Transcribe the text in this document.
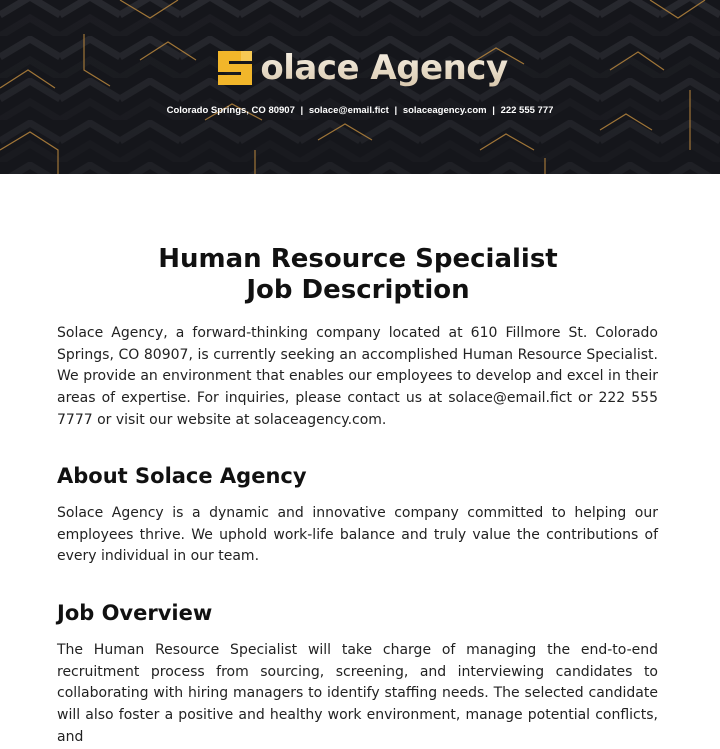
olace Agency
Colorado Springs, CO 80907 | solace@email.fict | solaceagency.com | 222 555 777
Human Resource Specialist
Job Description

Solace Agency, a forward-thinking company located at 610 Fillmore St. Colorado Springs, CO 80907, is currently seeking an accomplished Human Resource Specialist. We provide an environment that enables our employees to develop and excel in their areas of expertise. For inquiries, please contact us at solace@email.fict or 222 555 7777 or visit our website at solaceagency.com.

About Solace Agency

Solace Agency is a dynamic and innovative company committed to helping our employees thrive. We uphold work-life balance and truly value the contributions of every individual in our team.

Job Overview

The Human Resource Specialist will take charge of managing the end-to-end recruitment process from sourcing, screening, and interviewing candidates to collaborating with hiring managers to identify staffing needs. The selected candidate will also foster a positive and healthy work environment, manage potential conflicts, and
